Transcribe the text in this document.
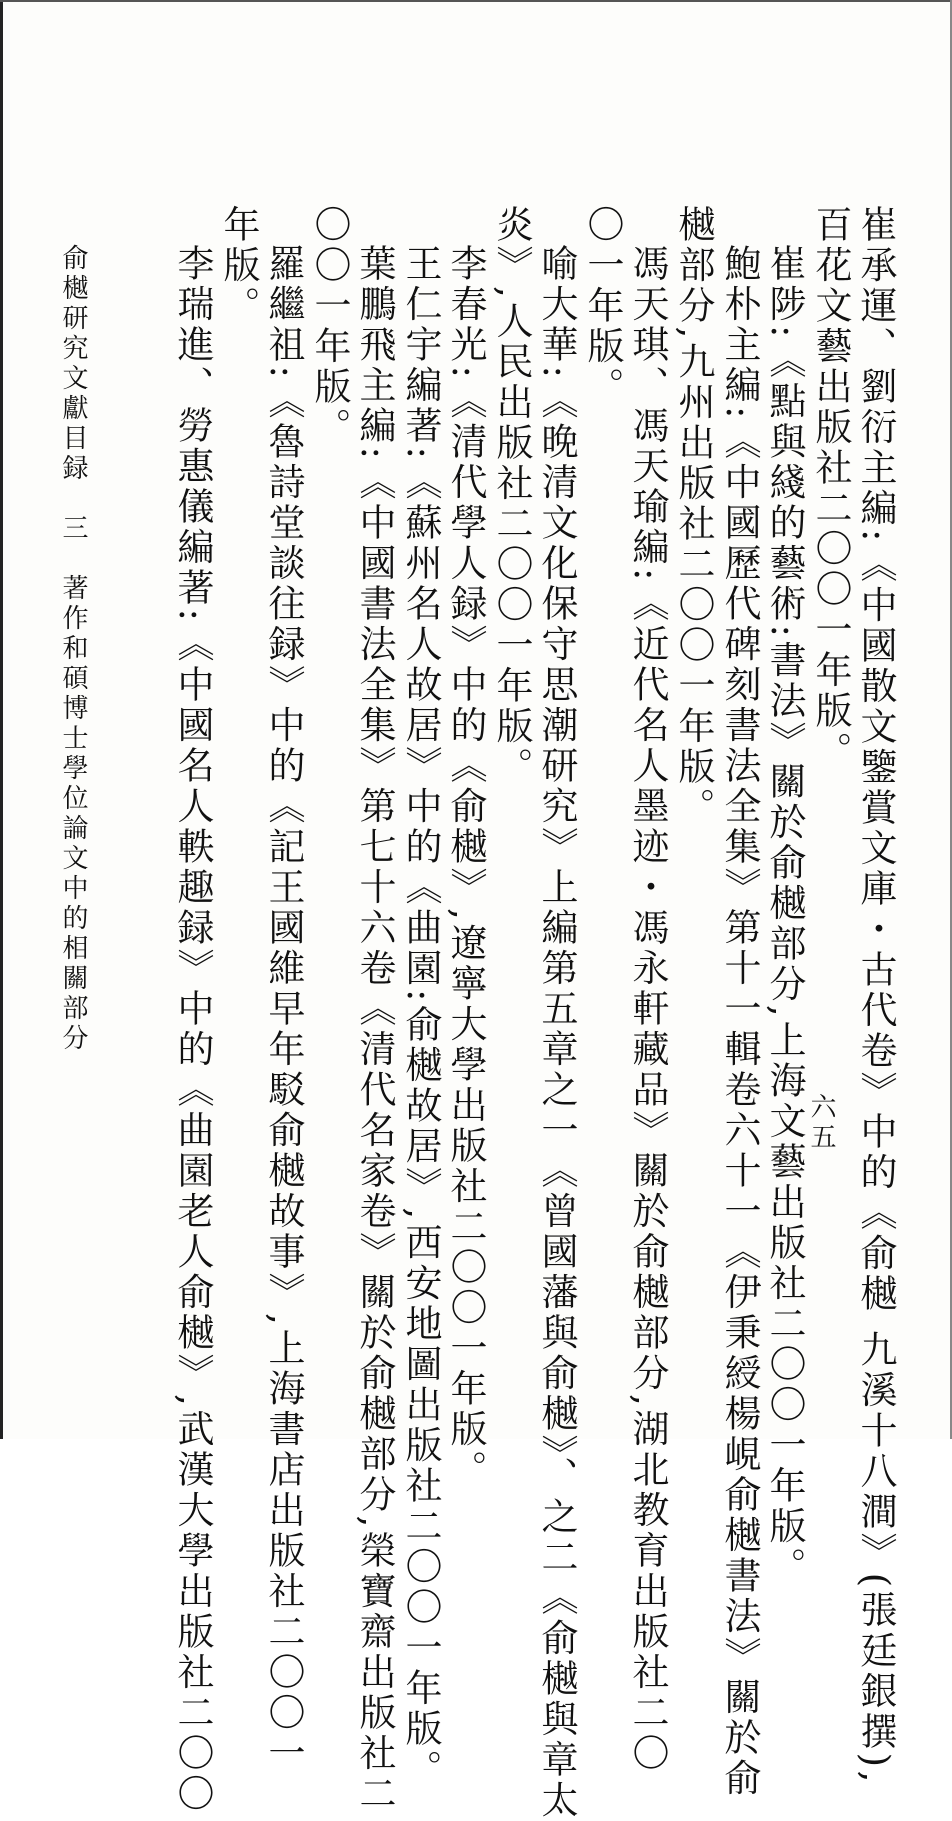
崔承運、劉衍主編:《中國散文鑒賞文庫・古代卷》中的《俞樾 九溪十八澗》(張廷銀撰),
百花文藝出版社二〇〇一年版。
崔陟:《點與綫的藝術:書法》關於俞樾部分,上海文藝出版社二〇〇一年版。
鮑朴主編:《中國歷代碑刻書法全集》第十一輯卷六十一《伊秉綬楊峴俞樾書法》關於俞
樾部分,九州出版社二〇〇一年版。
馮天琪、馮天瑜編:《近代名人墨迹・馮永軒藏品》關於俞樾部分,湖北教育出版社二〇
〇一年版。
喻大華:《晚清文化保守思潮研究》上編第五章之一《曾國藩與俞樾》、之二《俞樾與章太
炎》,人民出版社二〇〇一年版。
李春光:《清代學人録》中的《俞樾》,遼寧大學出版社二〇〇一年版。
王仁宇編著:《蘇州名人故居》中的《曲園:俞樾故居》,西安地圖出版社二〇〇一年版。
葉鵬飛主編:《中國書法全集》第七十六卷《清代名家卷》關於俞樾部分,榮寶齋出版社二
〇〇一年版。
羅繼祖:《魯詩堂談往録》中的《記王國維早年駁俞樾故事》,上海書店出版社二〇〇一
年版。
李瑞進、勞惠儀編著:《中國名人軼趣録》中的《曲園老人俞樾》,武漢大學出版社二〇〇	六五
俞樾研究文獻目録　三　著作和碩博士學位論文中的相關部分
